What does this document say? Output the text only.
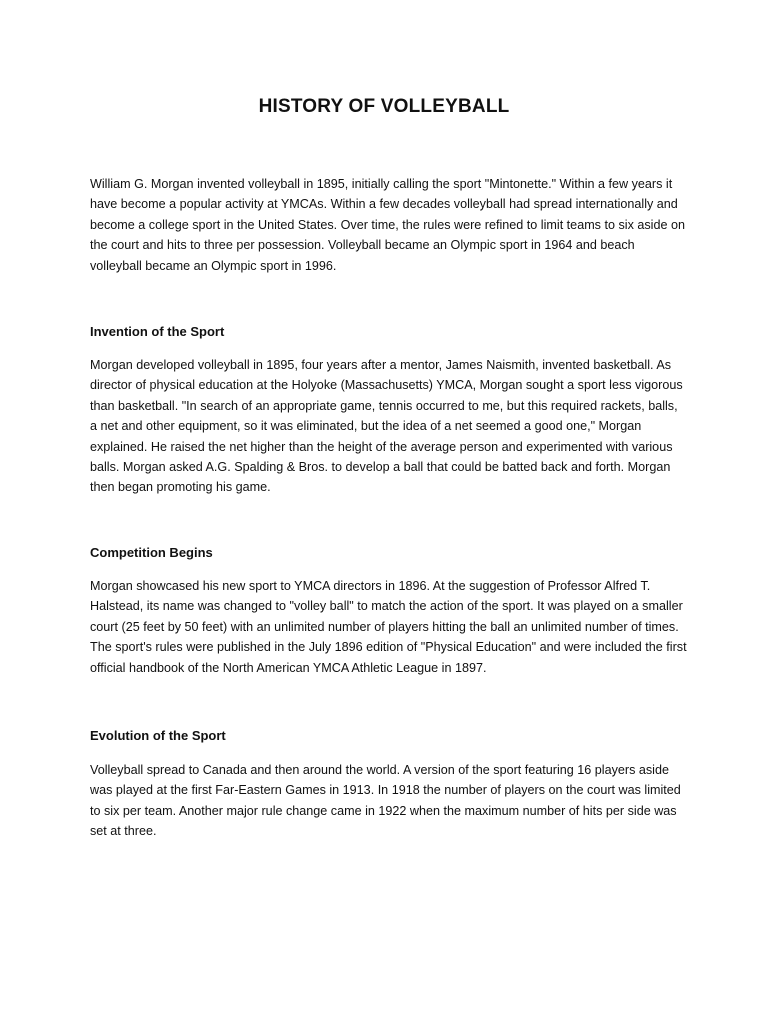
HISTORY OF VOLLEYBALL

William G. Morgan invented volleyball in 1895, initially calling the sport "Mintonette." Within a few years it have become a popular activity at YMCAs. Within a few decades volleyball had spread internationally and become a college sport in the United States. Over time, the rules were refined to limit teams to six aside on the court and hits to three per possession. Volleyball became an Olympic sport in 1964 and beach volleyball became an Olympic sport in 1996.

Invention of the Sport

Morgan developed volleyball in 1895, four years after a mentor, James Naismith, invented basketball. As director of physical education at the Holyoke (Massachusetts) YMCA, Morgan sought a sport less vigorous than basketball. "In search of an appropriate game, tennis occurred to me, but this required rackets, balls, a net and other equipment, so it was eliminated, but the idea of a net seemed a good one," Morgan explained. He raised the net higher than the height of the average person and experimented with various balls. Morgan asked A.G. Spalding & Bros. to develop a ball that could be batted back and forth. Morgan then began promoting his game.

Competition Begins

Morgan showcased his new sport to YMCA directors in 1896. At the suggestion of Professor Alfred T. Halstead, its name was changed to "volley ball" to match the action of the sport. It was played on a smaller court (25 feet by 50 feet) with an unlimited number of players hitting the ball an unlimited number of times. The sport's rules were published in the July 1896 edition of "Physical Education" and were included the first official handbook of the North American YMCA Athletic League in 1897.

Evolution of the Sport

Volleyball spread to Canada and then around the world. A version of the sport featuring 16 players aside was played at the first Far-Eastern Games in 1913. In 1918 the number of players on the court was limited to six per team. Another major rule change came in 1922 when the maximum number of hits per side was set at three.
